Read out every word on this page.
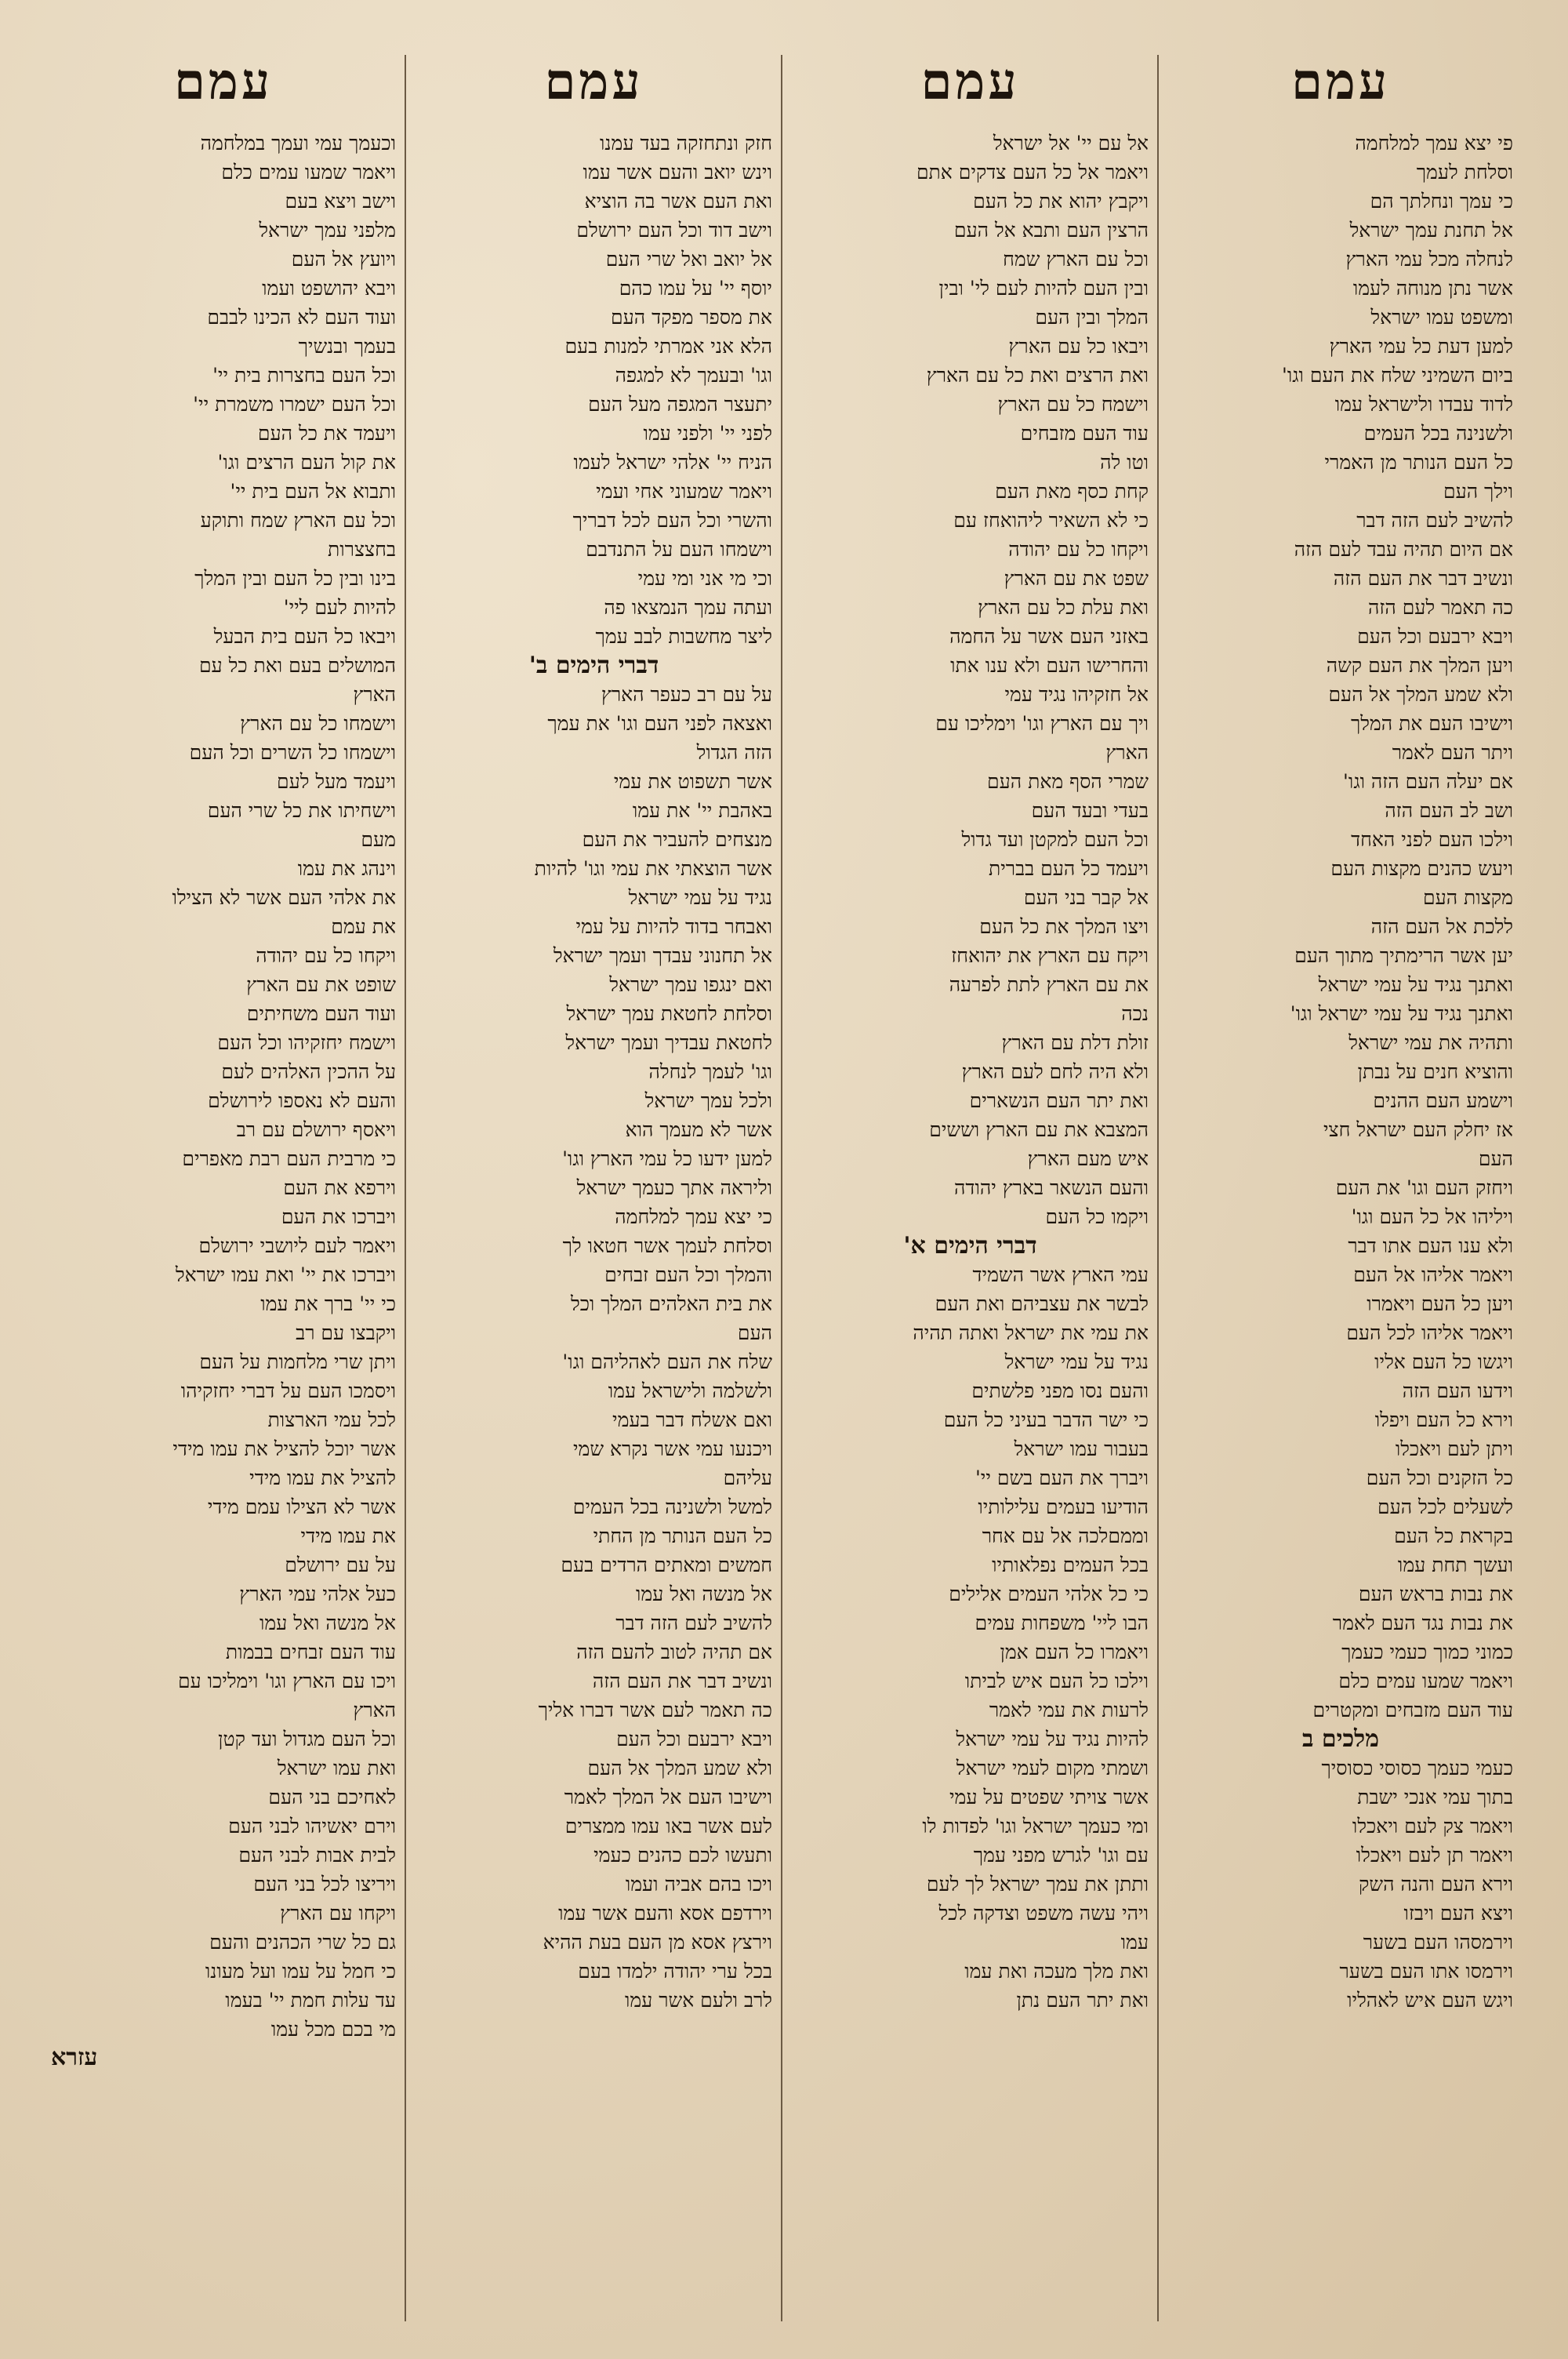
עמם
פי יצא עמך למלחמה
וסלחת לעמך
כי עמך ונחלתך הם
אל תחנת עמך ישראל
לנחלה מכל עמי הארץ
אשר נתן מנוחה לעמו
ומשפט עמו ישראל
למען דעת כל עמי הארץ
ביום השמיני שלח את העם וגו'
לדוד עבדו ולישראל עמו
ולשנינה בכל העמים
כל העם הנותר מן האמרי
וילך העם
להשיב לעם הזה דבר
אם היום תהיה עבד לעם הזה
ונשיב דבר את העם הזה
כה תאמר לעם הזה
ויבא ירבעם וכל העם
ויען המלך את העם קשה
ולא שמע המלך אל העם
וישיבו העם את המלך
ויתר העם לאמר
אם יעלה העם הזה וגו'
ושב לב העם הזה
וילכו העם לפני האחד
ויעש כהנים מקצות העם
מקצות העם
ללכת אל העם הזה
יען אשר הרימתיך מתוך העם
ואתנך נגיד על עמי ישראל
ואתנך נגיד על עמי ישראל וגו'
ותהיה את עמי ישראל
והוציא חנים על נבתן
וישמע העם ההנים
אז יחלק העם ישראל חצי
העם
ויחזק העם וגו' את העם
ויליהו אל כל העם וגו'
ולא ענו העם אתו דבר
ויאמר אליהו אל העם
ויען כל העם ויאמרו
ויאמר אליהו לכל העם
ויגשו כל העם אליו
וידעו העם הזה
וירא כל העם ויפלו
ויתן לעם ויאכלו
כל הזקנים וכל העם
לשעלים לכל העם
בקראת כל העם
ועשך תחת עמו
את נבות בראש העם
את נבות נגד העם לאמר
כמוני כמוך כעמי כעמך
ויאמר שמעו עמים כלם
עוד העם מזבחים ומקטרים
מלכים ב
כעמי כעמך כסוסי כסוסיך
בתוך עמי אנכי ישבת
ויאמר צק לעם ויאכלו
ויאמר תן לעם ויאכלו
וירא העם והנה השק
ויצא העם ויבזו
וירמסהו העם בשער
וירמסו אתו העם בשער
ויגש העם איש לאהליו
עמם
אל עם יי' אל ישראל
ויאמר אל כל העם צדקים אתם
ויקבץ יהוא את כל העם
הרצין העם ותבא אל העם
וכל עם הארץ שמח
ובין העם להיות לעם לי' ובין
המלך ובין העם
ויבאו כל עם הארץ
ואת הרצים ואת כל עם הארץ
וישמח כל עם הארץ
עוד העם מזבחים
וטו לה
קחת כסף מאת העם
כי לא השאיר ליהואחז עם
ויקחו כל עם יהודה
שפט את עם הארץ
ואת עלת כל עם הארץ
באזני העם אשר על החמה
והחרישו העם ולא ענו אתו
אל חזקיהו נגיד עמי
ויך עם הארץ וגו' וימליכו עם
הארץ
שמרי הסף מאת העם
בעדי ובעד העם
וכל העם למקטן ועד גדול
ויעמד כל העם בברית
אל קבר בני העם
ויצו המלך את כל העם
ויקח עם הארץ את יהואחז
את עם הארץ לתת לפרעה
נכה
זולת דלת עם הארץ
ולא היה לחם לעם הארץ
ואת יתר העם הנשארים
המצבא את עם הארץ וששים
איש מעם הארץ
והעם הנשאר בארץ יהודה
ויקמו כל העם
דברי הימים א'
עמי הארץ אשר השמיד
לבשר את עצביהם ואת העם
את עמי את ישראל ואתה תהיה
נגיד על עמי ישראל
והעם נסו מפני פלשתים
כי ישר הדבר בעיני כל העם
בעבור עמו ישראל
ויברך את העם בשם יי'
הודיעו בעמים עלילותיו
וממםלכה אל עם אחר
בכל העמים נפלאותיו
כי כל אלהי העמים אלילים
הבו ליי' משפחות עמים
ויאמרו כל העם אמן
וילכו כל העם איש לביתו
לרעות את עמי לאמר
להיות נגיד על עמי ישראל
ושמתי מקום לעמי ישראל
אשר צויתי שפטים על עמי
ומי כעמך ישראל וגו' לפדות לו
עם וגו' לגרש מפני עמך
ותתן את עמך ישראל לך לעם
ויהי עשה משפט וצדקה לכל
עמו
ואת מלך מעכה ואת עמו
ואת יתר העם נתן
עמם
חזק ונתחזקה בעד עמנו
וינש יואב והעם אשר עמו
ואת העם אשר בה הוציא
וישב דוד וכל העם ירושלם
אל יואב ואל שרי העם
יוסף יי' על עמו כהם
את מספר מפקד העם
הלא אני אמרתי למנות בעם
וגו' ובעמך לא למגפה
יתעצר המגפה מעל העם
לפני יי' ולפני עמו
הניח יי' אלהי ישראל לעמו
ויאמר שמעוני אחי ועמי
והשרי וכל העם לכל דבריך
וישמחו העם על התנדבם
וכי מי אני ומי עמי
ועתה עמך הנמצאו פה
ליצר מחשבות לבב עמך
דברי הימים ב'
על עם רב כעפר הארץ
ואצאה לפני העם וגו' את עמך
הזה הגדול
אשר תשפוט את עמי
באהבת יי' את עמו
מנצחים להעביר את העם
אשר הוצאתי את עמי וגו' להיות
נגיד על עמי ישראל
ואבחר בדוד להיות על עמי
אל תחנוני עבדך ועמך ישראל
ואם ינגפו עמך ישראל
וסלחת לחטאת עמך ישראל
לחטאת עבדיך ועמך ישראל
וגו' לעמך לנחלה
ולכל עמך ישראל
אשר לא מעמך הוא
למען ידעו כל עמי הארץ וגו'
וליראה אתך כעמך ישראל
כי יצא עמך למלחמה
וסלחת לעמך אשר חטאו לך
והמלך וכל העם זבחים
את בית האלהים המלך וכל
העם
שלח את העם לאהליהם וגו'
ולשלמה ולישראל עמו
ואם אשלח דבר בעמי
ויכנעו עמי אשר נקרא שמי
עליהם
למשל ולשנינה בכל העמים
כל העם הנותר מן החתי
חמשים ומאתים הרדים בעם
אל מנשה ואל עמו
להשיב לעם הזה דבר
אם תהיה לטוב להעם הזה
ונשיב דבר את העם הזה
כה תאמר לעם אשר דברו אליך
ויבא ירבעם וכל העם
ולא שמע המלך אל העם
וישיבו העם אל המלך לאמר
לעם אשר באו עמו ממצרים
ותעשו לכם כהנים כעמי
ויכו בהם אביה ועמו
וירדפם אסא והעם אשר עמו
וירצץ אסא מן העם בעת ההיא
בכל ערי יהודה ילמדו בעם
לרב ולעם אשר עמו
עמם
וכעמך עמי ועמך במלחמה
ויאמר שמעו עמים כלם
וישב ויצא בעם
מלפני עמך ישראל
ויועץ אל העם
ויבא יהושפט ועמו
ועוד העם לא הכינו לבבם
בעמך ובנשיך
וכל העם בחצרות בית יי'
וכל העם ישמרו משמרת יי'
ויעמד את כל העם
את קול העם הרצים וגו'
ותבוא אל העם בית יי'
וכל עם הארץ שמח ותוקע
בחצצרות
בינו ובין כל העם ובין המלך
להיות לעם ליי'
ויבאו כל העם בית הבעל
המושלים בעם ואת כל עם
הארץ
וישמחו כל עם הארץ
וישמחו כל השרים וכל העם
ויעמד מעל לעם
וישחיתו את כל שרי העם
מעם
וינהג את עמו
את אלהי העם אשר לא הצילו
את עמם
ויקחו כל עם יהודה
שופט את עם הארץ
ועוד העם משחיתים
וישמח יחזקיהו וכל העם
על ההכין האלהים לעם
והעם לא נאספו לירושלם
ויאסף ירושלם עם רב
כי מרבית העם רבת מאפרים
וירפא את העם
ויברכו את העם
ויאמר לעם ליושבי ירושלם
ויברכו את יי' ואת עמו ישראל
כי יי' ברך את עמו
ויקבצו עם רב
ויתן שרי מלחמות על העם
ויסמכו העם על דברי יחזקיהו
לכל עמי הארצות
אשר יוכל להציל את עמו מידי
להציל את עמו מידי
אשר לא הצילו עמם מידי
את עמו מידי
על עם ירושלם
כעל אלהי עמי הארץ
אל מנשה ואל עמו
עוד העם זבחים בבמות
ויכו עם הארץ וגו' וימליכו עם
הארץ
וכל העם מגדול ועד קטן
ואת עמו ישראל
לאחיכם בני העם
וירם יאשיהו לבני העם
לבית אבות לבני העם
ויריצו לכל בני העם
ויקחו עם הארץ
גם כל שרי הכהנים והעם
כי חמל על עמו ועל מעונו
עד עלות חמת יי' בעמו
מי בכם מכל עמו
עזרא
